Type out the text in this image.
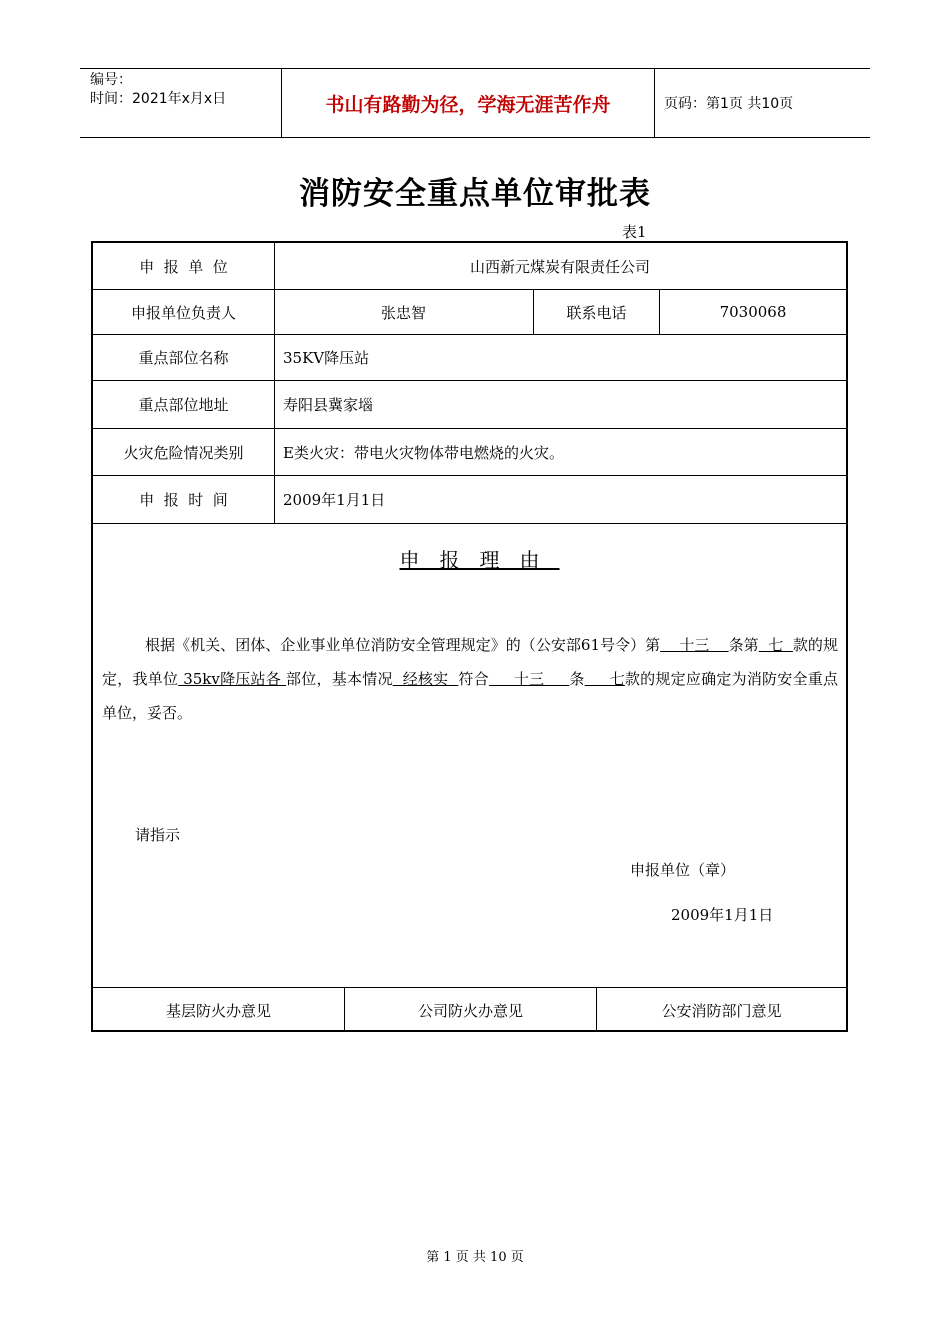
编号：
时间：2021年x月x日	书山有路勤为径，学海无涯苦作舟	页码：第1页 共10页
消防安全重点单位审批表
表1
申  报  单  位	山西新元煤炭有限责任公司
申报单位负责人	张忠智	联系电话	7030068
重点部位名称	35KV降压站
重点部位地址	寿阳县冀家堖
火灾危险情况类别	E类火灾：带电火灾物体带电燃烧的火灾。
申  报  时  间	2009年1月1日
申报理由
根据《机关、团体、企业事业单位消防安全管理规定》的（公安部61号令）第    十三    条第  七  款的规定，我单位 35kv降压站各 部位，基本情况  经核实  符合     十三     条     七款的规定应确定为消防安全重点单位，妥否。
请指示
申报单位（章）
2009年1月1日
基层防火办意见	公司防火办意见	公安消防部门意见
第 1 页 共 10 页
